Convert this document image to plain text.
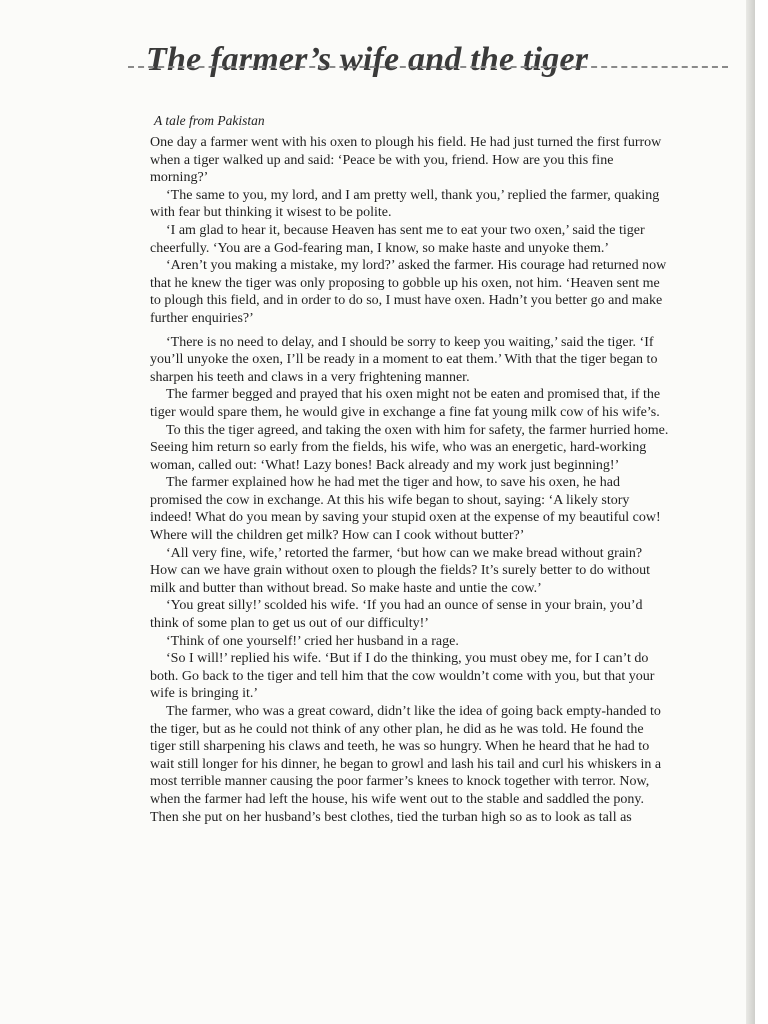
The farmer’s wife and the tiger
A tale from Pakistan

One day a farmer went with his oxen to plough his field. He had just turned the first furrow when a tiger walked up and said: ‘Peace be with you, friend. How are you this fine morning?’

‘The same to you, my lord, and I am pretty well, thank you,’ replied the farmer, quaking with fear but thinking it wisest to be polite.

‘I am glad to hear it, because Heaven has sent me to eat your two oxen,’ said the tiger cheerfully. ‘You are a God-fearing man, I know, so make haste and unyoke them.’

‘Aren’t you making a mistake, my lord?’ asked the farmer. His courage had returned now that he knew the tiger was only proposing to gobble up his oxen, not him. ‘Heaven sent me to plough this field, and in order to do so, I must have oxen. Hadn’t you better go and make further enquiries?’

‘There is no need to delay, and I should be sorry to keep you waiting,’ said the tiger. ‘If you’ll unyoke the oxen, I’ll be ready in a moment to eat them.’ With that the tiger began to sharpen his teeth and claws in a very frightening manner.

The farmer begged and prayed that his oxen might not be eaten and promised that, if the tiger would spare them, he would give in exchange a fine fat young milk cow of his wife’s.

To this the tiger agreed, and taking the oxen with him for safety, the farmer hurried home. Seeing him return so early from the fields, his wife, who was an energetic, hard-working woman, called out: ‘What! Lazy bones! Back already and my work just beginning!’

The farmer explained how he had met the tiger and how, to save his oxen, he had promised the cow in exchange. At this his wife began to shout, saying: ‘A likely story indeed! What do you mean by saving your stupid oxen at the expense of my beautiful cow! Where will the children get milk? How can I cook without butter?’

‘All very fine, wife,’ retorted the farmer, ‘but how can we make bread without grain? How can we have grain without oxen to plough the fields? It’s surely better to do without milk and butter than without bread. So make haste and untie the cow.’

‘You great silly!’ scolded his wife. ‘If you had an ounce of sense in your brain, you’d think of some plan to get us out of our difficulty!’

‘Think of one yourself!’ cried her husband in a rage.

‘So I will!’ replied his wife. ‘But if I do the thinking, you must obey me, for I can’t do both. Go back to the tiger and tell him that the cow wouldn’t come with you, but that your wife is bringing it.’

The farmer, who was a great coward, didn’t like the idea of going back empty-handed to the tiger, but as he could not think of any other plan, he did as he was told. He found the tiger still sharpening his claws and teeth, he was so hungry. When he heard that he had to wait still longer for his dinner, he began to growl and lash his tail and curl his whiskers in a most terrible manner causing the poor farmer’s knees to knock together with terror. Now, when the farmer had left the house, his wife went out to the stable and saddled the pony. Then she put on her husband’s best clothes, tied the turban high so as to look as tall as
